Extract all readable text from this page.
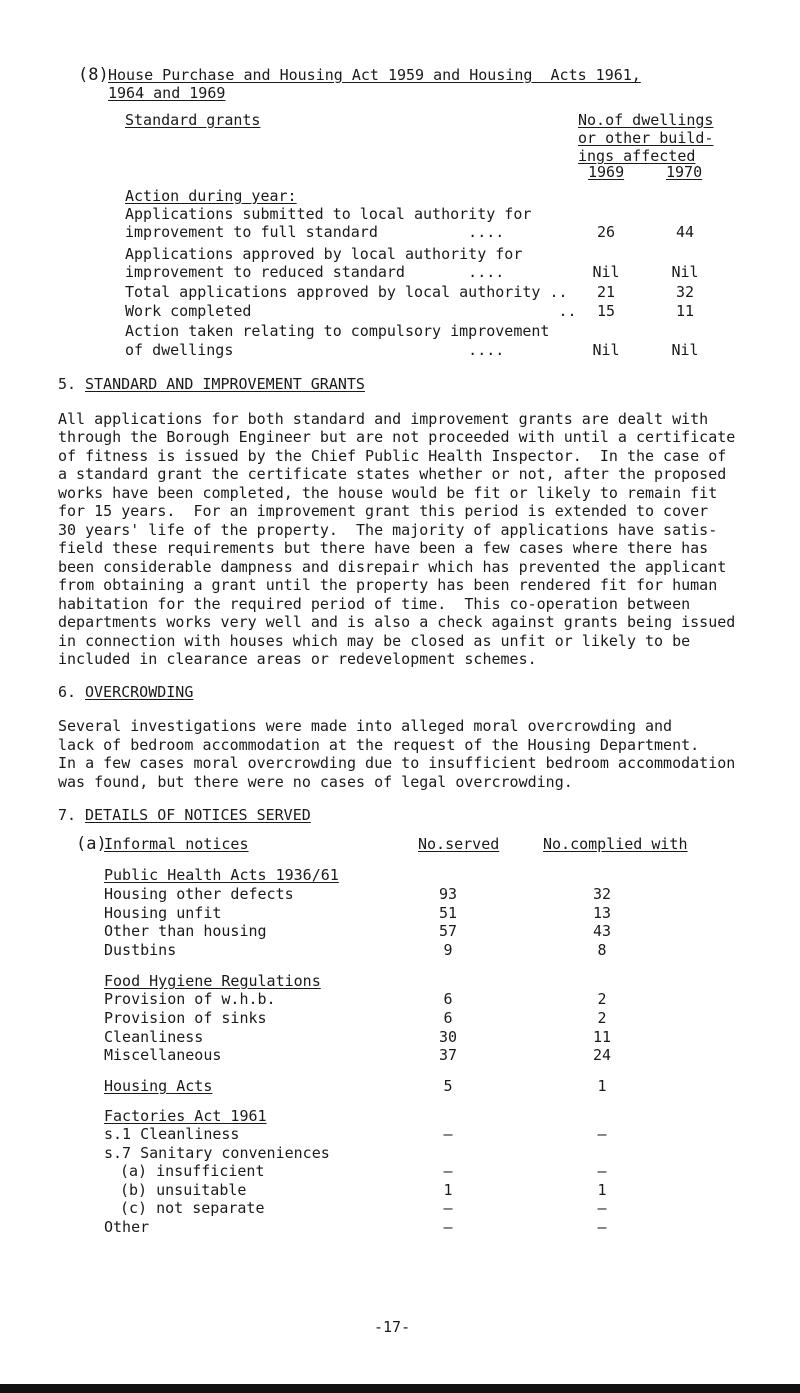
(8) House Purchase and Housing Act 1959 and Housing  Acts 1961,
1964 and 1969
Standard grants	No.of dwellings
or other build-
ings affected
1969	1970
Action during year:
Applications submitted to local authority for
improvement to full standard          ....	26	44
Applications approved by local authority for
improvement to reduced standard       ....	Nil	Nil
Total applications approved by local authority ..	21	32
Work completed                                  ..	15	11
Action taken relating to compulsory improvement
of dwellings                          ....	Nil	Nil
5. STANDARD AND IMPROVEMENT GRANTS
All applications for both standard and improvement grants are dealt with
through the Borough Engineer but are not proceeded with until a certificate
of fitness is issued by the Chief Public Health Inspector.  In the case of
a standard grant the certificate states whether or not, after the proposed
works have been completed, the house would be fit or likely to remain fit
for 15 years.  For an improvement grant this period is extended to cover
30 years' life of the property.  The majority of applications have satis-
field these requirements but there have been a few cases where there has
been considerable dampness and disrepair which has prevented the applicant
from obtaining a grant until the property has been rendered fit for human
habitation for the required period of time.  This co-operation between
departments works very well and is also a check against grants being issued
in connection with houses which may be closed as unfit or likely to be
included in clearance areas or redevelopment schemes.
6. OVERCROWDING
Several investigations were made into alleged moral overcrowding and
lack of bedroom accommodation at the request of the Housing Department.
In a few cases moral overcrowding due to insufficient bedroom accommodation
was found, but there were no cases of legal overcrowding.
7. DETAILS OF NOTICES SERVED
(a)
Informal notices	No.served	No.complied with
Public Health Acts 1936/61
Housing other defects	93	32
Housing unfit	51	13
Other than housing	57	43
Dustbins	9	8
Food Hygiene Regulations
Provision of w.h.b.	6	2
Provision of sinks	6	2
Cleanliness	30	11
Miscellaneous	37	24
Housing Acts	5	1
Factories Act 1961
s.1 Cleanliness	–	–
s.7 Sanitary conveniences
(a) insufficient	–	–
(b) unsuitable	1	1
(c) not separate	–	–
Other	–	–
-17-
